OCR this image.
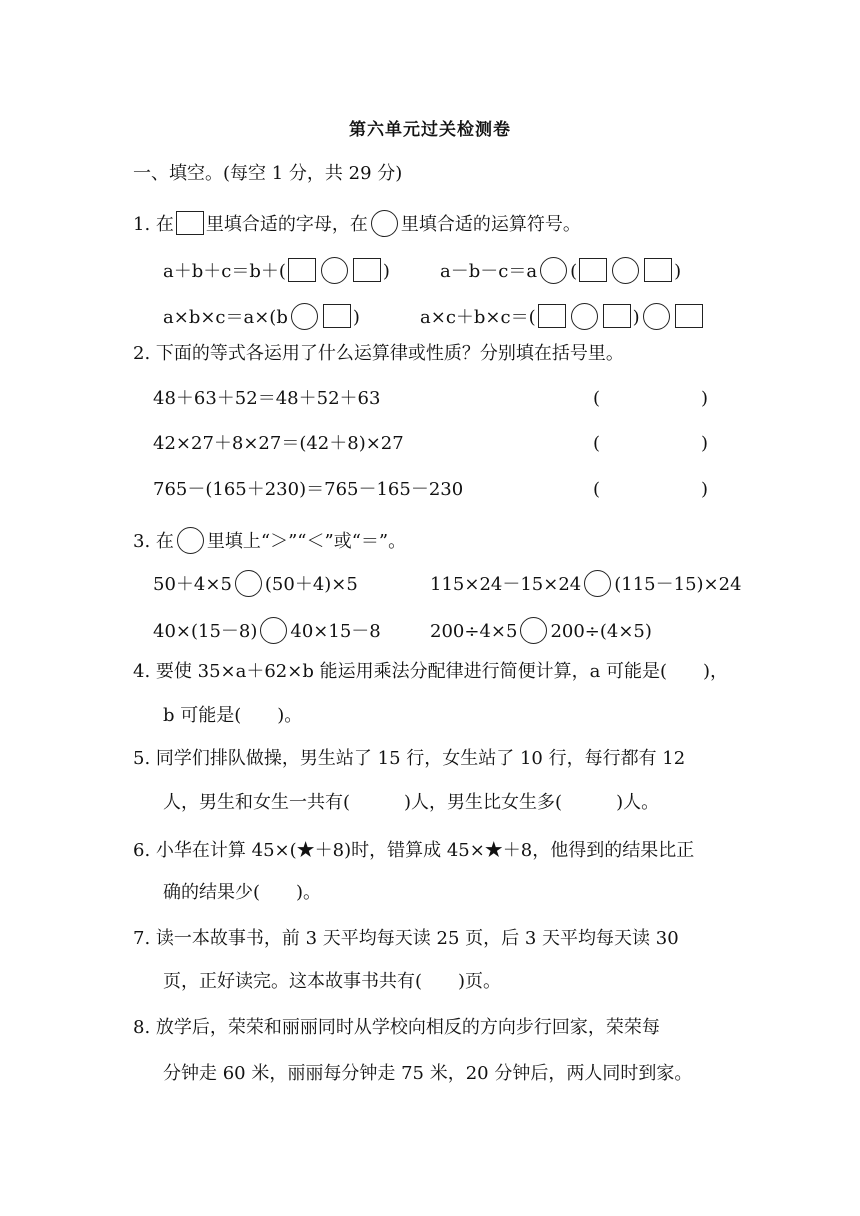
第六单元过关检测卷
一、填空。(每空 1 分，共 29 分)
1. 在 里填合适的字母，在 里填合适的运算符号。
a＋b＋c＝b＋(	)	a－b－c＝a (	)
a×b×c＝a×(b	)	a×c＋b×c＝(	)
2. 下面的等式各运用了什么运算律或性质？分别填在括号里。
48＋63＋52＝48＋52＋63	(	)
42×27＋8×27＝(42＋8)×27	(	)
765－(165＋230)＝765－165－230	(	)
3. 在 里填上“＞”“＜”或“＝”。
50＋4×5 (50＋4)×5	115×24－15×24 (115－15)×24
40×(15－8) 40×15－8	200÷4×5 200÷(4×5)
4. 要使 35×a＋62×b 能运用乘法分配律进行简便计算，a 可能是(　　)，
b 可能是(　　)。
5. 同学们排队做操，男生站了 15 行，女生站了 10 行，每行都有 12
人，男生和女生一共有(　　　)人，男生比女生多(　　　)人。
6. 小华在计算 45×(★＋8)时，错算成 45×★＋8，他得到的结果比正
确的结果少(　　)。
7. 读一本故事书，前 3 天平均每天读 25 页，后 3 天平均每天读 30
页，正好读完。这本故事书共有(　　)页。
8. 放学后，荣荣和丽丽同时从学校向相反的方向步行回家，荣荣每
分钟走 60 米，丽丽每分钟走 75 米，20 分钟后，两人同时到家。
